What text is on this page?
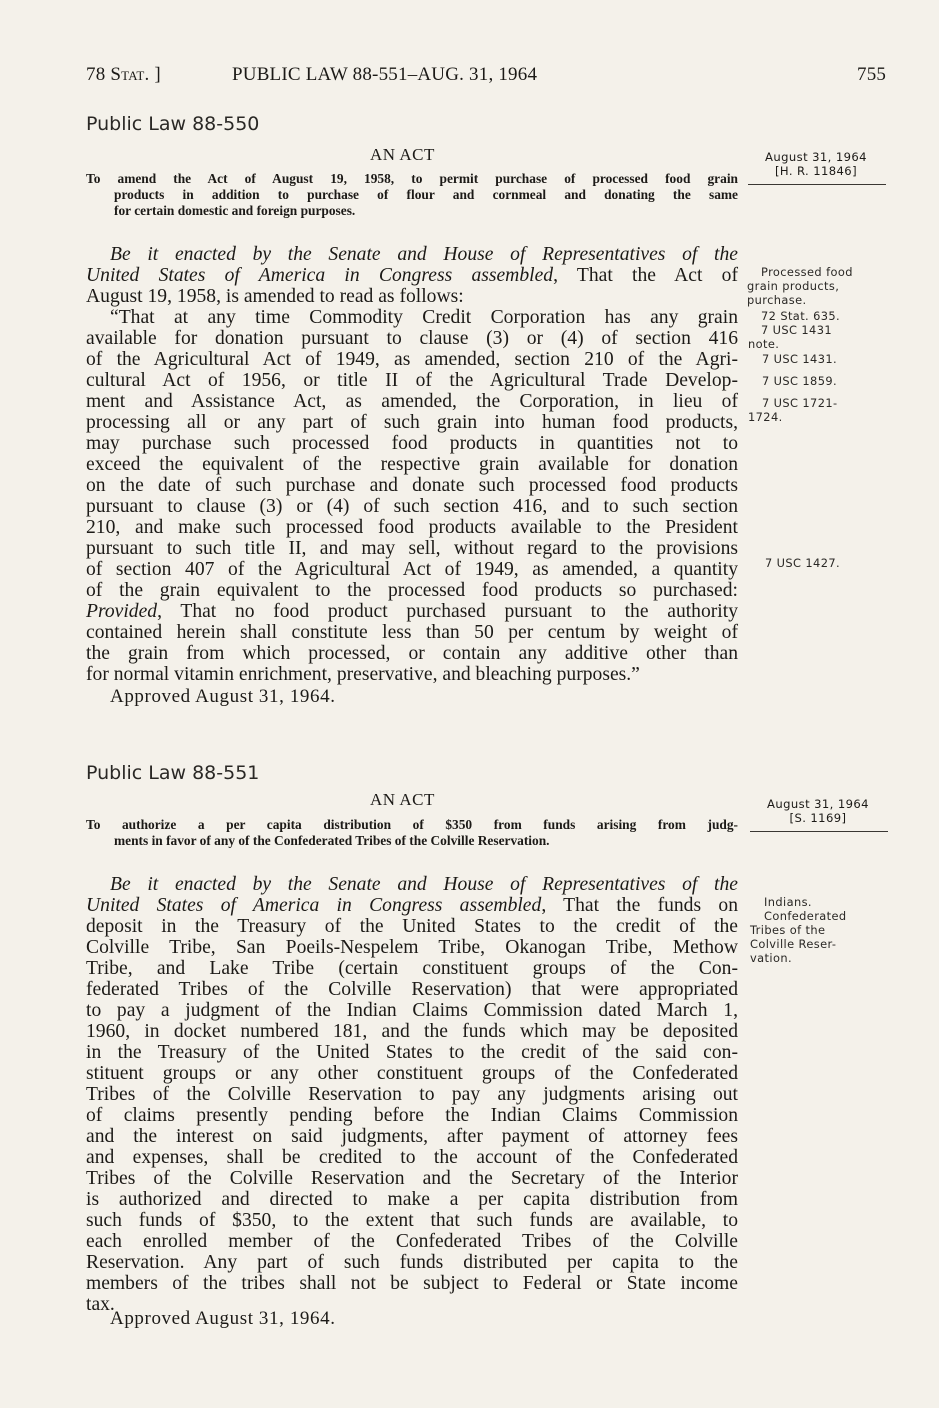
78 Stat. ]	PUBLIC LAW 88-551–AUG. 31, 1964	755
Public Law 88-550
AN ACT	August 31, 1964
[H. R. 11846]
To amend the Act of August 19, 1958, to permit purchase of processed food grain
products in addition to purchase of flour and cornmeal and donating the same
for certain domestic and foreign purposes.
Be it enacted by the Senate and House of Representatives of the
United States of America in Congress assembled, That the Act of
August 19, 1958, is amended to read as follows:
“That at any time Commodity Credit Corporation has any grain
available for donation pursuant to clause (3) or (4) of section 416
of the Agricultural Act of 1949, as amended, section 210 of the Agri-
cultural Act of 1956, or title II of the Agricultural Trade Develop-
ment and Assistance Act, as amended, the Corporation, in lieu of
processing all or any part of such grain into human food products,
may purchase such processed food products in quantities not to
exceed the equivalent of the respective grain available for donation
on the date of such purchase and donate such processed food products
pursuant to clause (3) or (4) of such section 416, and to such section
210, and make such processed food products available to the President
pursuant to such title II, and may sell, without regard to the provisions
of section 407 of the Agricultural Act of 1949, as amended, a quantity
of the grain equivalent to the processed food products so purchased:
Provided, That no food product purchased pursuant to the authority
contained herein shall constitute less than 50 per centum by weight of
the grain from which processed, or contain any additive other than
for normal vitamin enrichment, preservative, and bleaching purposes.”
Approved August 31, 1964.
Processed food
grain products,
purchase.
72 Stat. 635.
7 USC 1431
note.
7 USC 1431.
7 USC 1859.
7 USC 1721-
1724.
7 USC 1427.
Public Law 88-551
AN ACT	August 31, 1964
[S. 1169]
To authorize a per capita distribution of $350 from funds arising from judg-
ments in favor of any of the Confederated Tribes of the Colville Reservation.
Be it enacted by the Senate and House of Representatives of the
United States of America in Congress assembled, That the funds on
deposit in the Treasury of the United States to the credit of the
Colville Tribe, San Poeils-Nespelem Tribe, Okanogan Tribe, Methow
Tribe, and Lake Tribe (certain constituent groups of the Con-
federated Tribes of the Colville Reservation) that were appropriated
to pay a judgment of the Indian Claims Commission dated March 1,
1960, in docket numbered 181, and the funds which may be deposited
in the Treasury of the United States to the credit of the said con-
stituent groups or any other constituent groups of the Confederated
Tribes of the Colville Reservation to pay any judgments arising out
of claims presently pending before the Indian Claims Commission
and the interest on said judgments, after payment of attorney fees
and expenses, shall be credited to the account of the Confederated
Tribes of the Colville Reservation and the Secretary of the Interior
is authorized and directed to make a per capita distribution from
such funds of $350, to the extent that such funds are available, to
each enrolled member of the Confederated Tribes of the Colville
Reservation. Any part of such funds distributed per capita to the
members of the tribes shall not be subject to Federal or State income
tax.
Approved August 31, 1964.
Indians.
Confederated
Tribes of the
Colville Reser-
vation.
